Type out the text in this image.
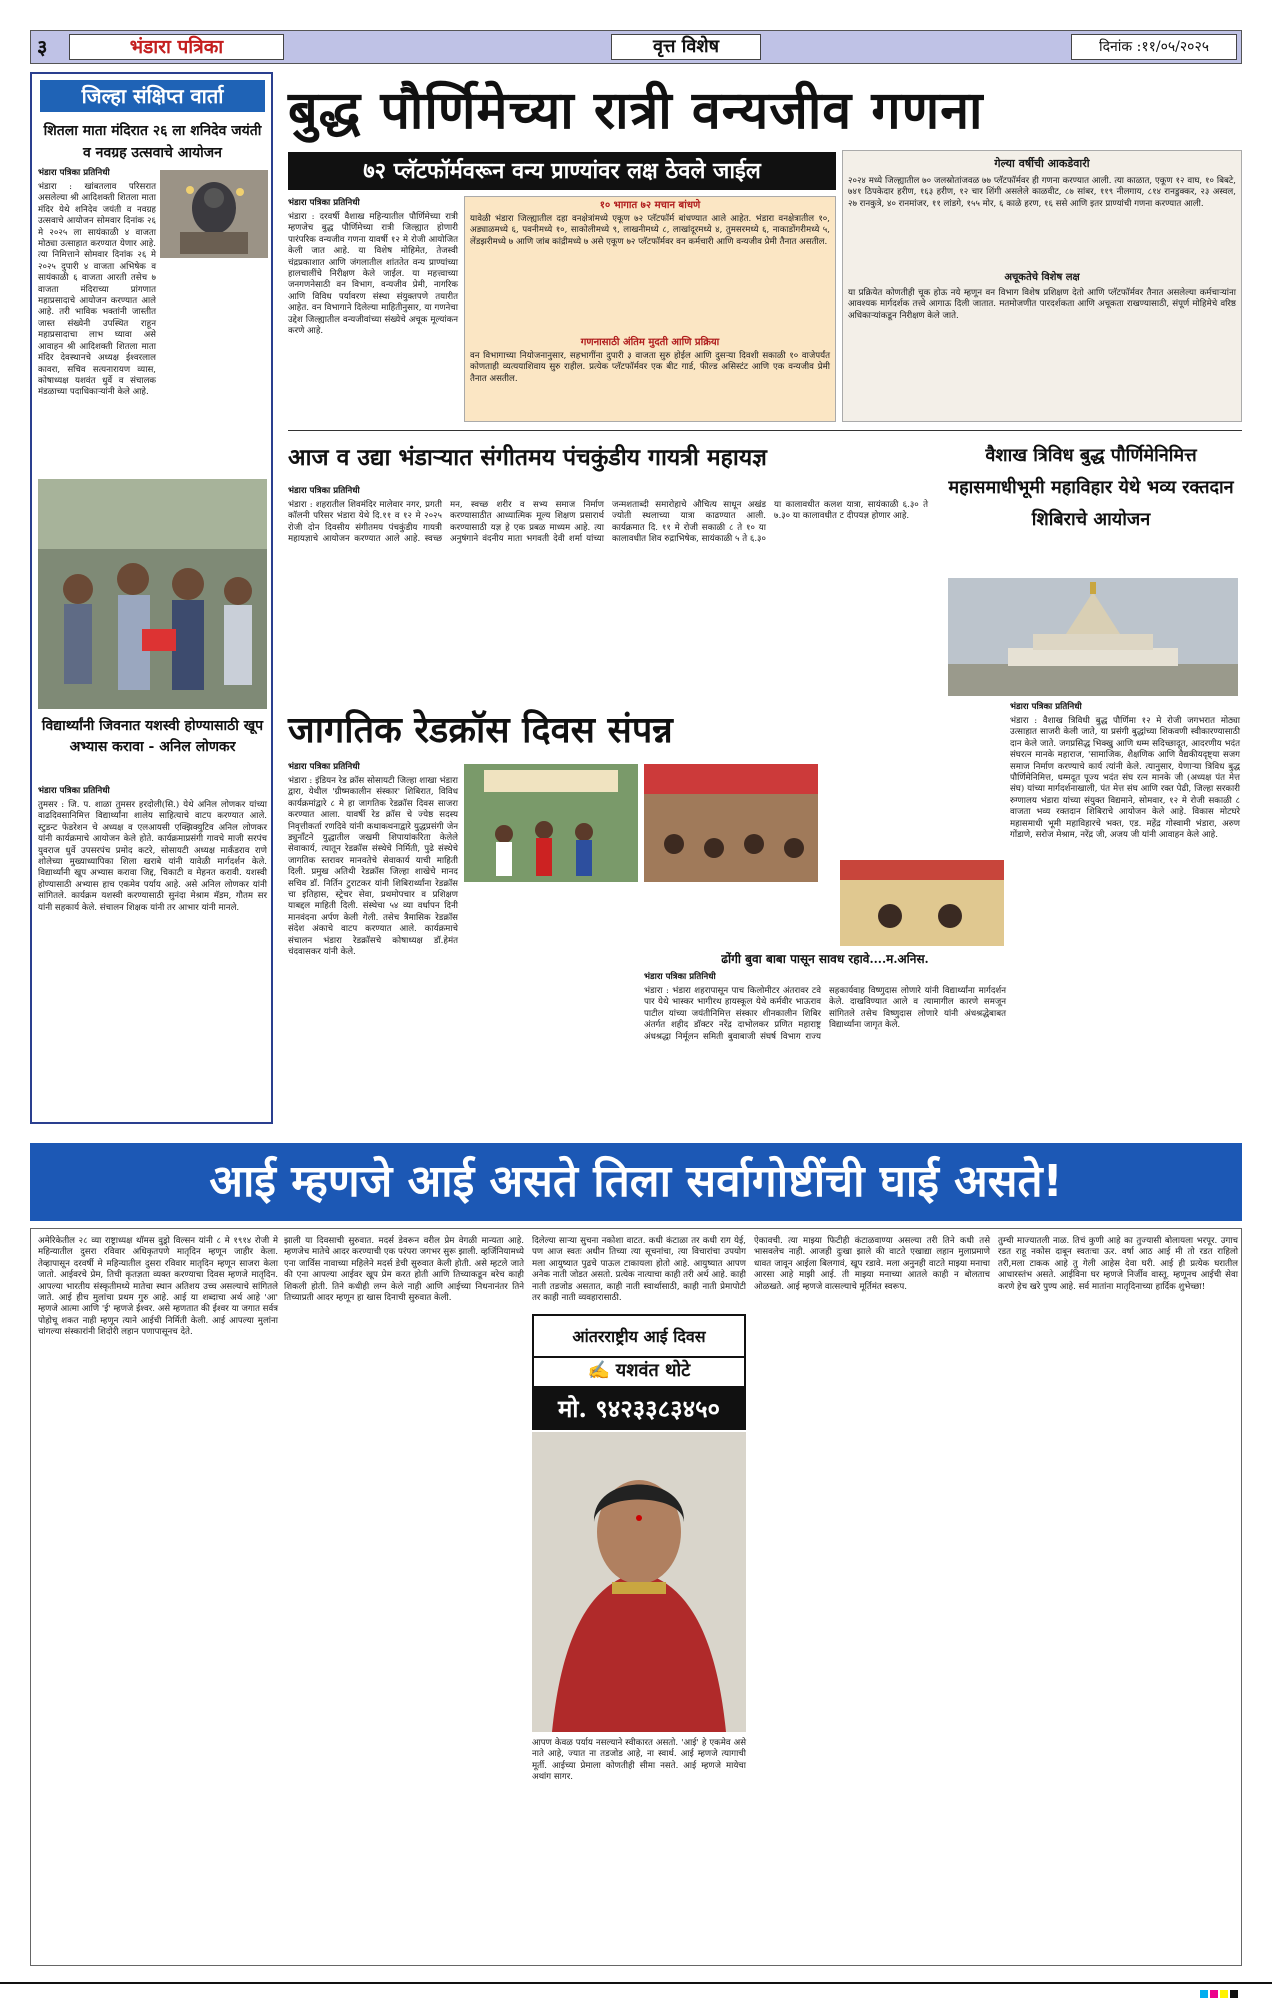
३	भंडारा पत्रिका	वृत्त विशेष	दिनांक :११/०५/२०२५
जिल्हा संक्षिप्त वार्ता
शितला माता मंदिरात २६ ला शनिदेव जयंती व नवग्रह उत्सवाचे आयोजन
भंडारा पत्रिका प्रतिनिधी
भंडारा : खांबतलाव परिसरात असलेल्या श्री आदिशक्ती शितला माता मंदिर येथे शनिदेव जयंती व नवग्रह उत्सवाचे आयोजन सोमवार दिनांक २६ मे २०२५ ला सायंकाळी ४ वाजता मोठ्या उत्साहात करण्यात येणार आहे. त्या निमित्ताने सोमवार दिनांक २६ मे २०२५ दुपारी ४ वाजता अभिषेक व सायंकाळी ६ वाजता आरती तसेच ७ वाजता मंदिराच्या प्रांगणात महाप्रसादाचे आयोजन करण्यात आले आहे. तरी भाविक भक्तांनी जास्तीत जास्त संख्येनी उपस्थित राहून महाप्रसादाचा लाभ घ्यावा असे आवाहन श्री आदिशक्ती शितला माता मंदिर देवस्थानचे अध्यक्ष ईश्वरलाल कावरा, सचिव सत्यनारायण व्यास, कोषाध्यक्ष यशवंत धुर्वे व संचालक मंडळाच्या पदाधिकाऱ्यांनी केले आहे.
विद्यार्थ्यांनी जिवनात यशस्वी होण्यासाठी खूप अभ्यास करावा - अनिल लोणकर
भंडारा पत्रिका प्रतिनिधी
तुमसर : जि. प. शाळा तुमसर हरदोली(सि.) येथे अनिल लोणकर यांच्या वाढदिवसानिमित्त विद्यार्थ्यांना शालेय साहित्याचे वाटप करण्यात आले. स्टुडन्ट फेडरेशन चे अध्यक्ष व एलआयसी एक्झिक्युटिव अनिल लोणकर यांनी कार्यक्रमाचे आयोजन केले होते. कार्यक्रमाप्रसंगी गावचे माजी सरपंच युवराज धुर्वे उपसरपंच प्रमोद कटरे, सोसायटी अध्यक्ष मार्कंडराव राणे शोलेच्या मुख्याध्यापिका शिला खराबे यांनी यावेळी मार्गदर्शन केले. विद्यार्थ्यांनी खूप अभ्यास करावा जिद्द, चिकाटी व मेहनत करावी. यशस्वी होण्यासाठी अभ्यास हाच एकमेव पर्याय आहे. असे अनिल लोणकर यांनी सांगितले. कार्यक्रम यशस्वी करण्यासाठी सुनंदा मेश्राम मॅडम, गौतम सर यांनी सहकार्य केले. संचालन शिक्षक यांनी तर आभार यांनी मानले.
बुद्ध पौर्णिमेच्या रात्री वन्यजीव गणना
७२ प्लॅटफॉर्मवरून वन्य प्राण्यांवर लक्ष ठेवले जाईल
भंडारा पत्रिका प्रतिनिधी
भंडारा : दरवर्षी वैशाख महिन्यातील पौर्णिमेच्या रात्री म्हणजेच बुद्ध पौर्णिमेच्या रात्री जिल्ह्यात होणारी पारंपरिक वन्यजीव गणना यावर्षी १२ मे रोजी आयोजित केली जात आहे. या विशेष मोहिमेत, तेजस्वी चंद्रप्रकाशात आणि जंगलातील शांततेत वन्य प्राण्यांच्या हालचालींचे निरीक्षण केले जाईल. या महत्त्वाच्या जनगणनेसाठी वन विभाग, वन्यजीव प्रेमी, नागरिक आणि विविध पर्यावरण संस्था संयुक्तपणे तयारीत आहेत. वन विभागाने दिलेल्या माहितीनुसार, या गणनेचा उद्देश जिल्ह्यातील वन्यजीवांच्या संख्येचे अचूक मूल्यांकन करणे आहे.
१० भागात ७२ मचान बांधणे
यावेळी भंडारा जिल्ह्यातील दहा वनक्षेत्रांमध्ये एकूण ७२ प्लॅटफॉर्म बांधण्यात आले आहेत. भंडारा वनक्षेत्रातील १०, अड्याळमध्ये ६, पवनीमध्ये १०, साकोलीमध्ये ९, लाखनीमध्ये ८, लाखांदूरमध्ये ४, तुमसरमध्ये ६, नाकाडोंगरीमध्ये ५, लेंडझरीमध्ये ७ आणि जांब कांद्रीमध्ये ७ असे एकूण ७२ प्लॅटफॉर्मवर वन कर्मचारी आणि वन्यजीव प्रेमी तैनात असतील.
गणनासाठी अंतिम मुदती आणि प्रक्रिया
वन विभागाच्या नियोजनानुसार, सहभागींना दुपारी ३ वाजता सुरु होईल आणि दुसऱ्या दिवशी सकाळी १० वाजेपर्यंत कोणताही व्यत्ययाशिवाय सुरु राहील. प्रत्येक प्लॅटफॉर्मवर एक बीट गार्ड, फील्ड असिस्टंट आणि एक वन्यजीव प्रेमी तैनात असतील.
गेल्या वर्षीची आकडेवारी
२०२४ मध्ये जिल्ह्यातील ७० जलस्रोतांजवळ ७७ प्लॅटफॉर्मवर ही गणना करण्यात आली. त्या काळात, एकूण १२ वाघ, १० बिबटे, ७४१ ठिपकेदार हरीण, १६३ हरीण, १२ चार शिंगी असलेले काळवीट, ८७ सांबर, ११९ नीलगाय, ८१४ रानडुक्कर, २३ अस्वल, २७ रानकुत्रे, ४० रानमांजर, ११ लांडगे, १५५ मोर, ६ काळे हरण, १६ ससे आणि इतर प्राण्यांची गणना करण्यात आली.
अचूकतेचे विशेष लक्ष
या प्रक्रियेत कोणतीही चूक होऊ नये म्हणून वन विभाग विशेष प्रशिक्षण देतो आणि प्लॅटफॉर्मवर तैनात असलेल्या कर्मचाऱ्यांना आवश्यक मार्गदर्शक तत्त्वे आगाऊ दिली जातात. मतमोजणीत पारदर्शकता आणि अचूकता राखण्यासाठी, संपूर्ण मोहिमेचे वरिष्ठ अधिकाऱ्यांकडून निरीक्षण केले जाते.
आज व उद्या भंडाऱ्यात संगीतमय पंचकुंडीय गायत्री महायज्ञ
भंडारा पत्रिका प्रतिनिधी
भंडारा : शहरातील शिवमंदिर मालेवार नगर, प्रगती कॉलनी परिसर भंडारा येथे दि.११ व १२ मे २०२५ रोजी दोन दिवसीय संगीतमय पंचकुंडीय गायत्री महायज्ञाचे आयोजन करण्यात आले आहे. स्वच्छ मन, स्वच्छ शरीर व सभ्य समाज निर्माण करण्यासाठीत आध्यात्मिक मूल्य शिक्षण प्रसारार्थ करण्यासाठी यज्ञ हे एक प्रबळ माध्यम आहे. त्या अनुषंगाने वंदनीय माता भगवती देवी शर्मा यांच्या जन्मशताब्दी समारोहाचे औचित्य साधून अखंड ज्योती स्थलाच्या यात्रा काढण्यात आली. कार्यक्रमात दि. ११ मे रोजी सकाळी ८ ते १० या कालावधीत शिव रुद्राभिषेक, सायंकाळी ५ ते ६.३० या कालावधीत कलश यात्रा, सायंकाळी ६.३० ते ७.३० या कालावधीत ट दीपयज्ञ होणार आहे.
वैशाख त्रिविध बुद्ध पौर्णिमेनिमित्त महासमाधीभूमी महाविहार येथे भव्य रक्तदान शिबिराचे आयोजन
भंडारा पत्रिका प्रतिनिधी
भंडारा : वैशाख त्रिविधी बुद्ध पौर्णिमा १२ मे रोजी जगभरात मोठ्या उत्साहात साजरी केली जाते, या प्रसंगी बुद्धांच्या शिकवणी स्वीकारण्यासाठी दान केले जाते. जगप्रसिद्ध भिक्खु आणि धम्म सदिच्छादूत, आदरणीय भदंत संघरत्न मानके महाराज, 'सामाजिक, शैक्षणिक आणि वैद्यकीयदृष्ट्या सजग समाज निर्माण करण्याचे कार्य त्यांनी केले. त्यानुसार, येणाऱ्या त्रिविध बुद्ध पौर्णिमेनिमित्त, धम्मदूत पूज्य भदंत संघ रत्न मानके जी (अध्यक्ष पंत मेत्त संघ) यांच्या मार्गदर्शनाखाली, पंत मेत्त संघ आणि रक्त पेढी, जिल्हा सरकारी रुग्णालय भंडारा यांच्या संयुक्त विद्यमाने, सोमवार, १२ मे रोजी सकाळी ८ वाजता भव्य रक्तदान शिबिराचे आयोजन केले आहे. विकास मोटघरे महासमाधी भूमी महाविहारचे भक्त, एड. महेंद्र गोस्वामी भंडारा, अरुण गोंडाणे, सरोज मेश्राम, नरेंद्र जी, अजय जी यांनी आवाहन केले आहे.
जागतिक रेडक्रॉस दिवस संपन्न
भंडारा पत्रिका प्रतिनिधी
भंडारा : इंडियन रेड क्रॉस सोसायटी जिल्हा शाखा भंडारा द्वारा, येथील 'ग्रीष्मकालीन संस्कार' शिबिरात, विविध कार्यक्रमांद्वारे ८ मे हा जागतिक रेडक्रॉस दिवस साजरा करण्यात आला. यावर्षी रेड क्रॉस चे ज्येष्ठ सदस्य निवृत्तीकर्ता रणदिवे यांनी कथाकथनाद्वारे युद्धप्रसंगी जेन ड्युनॉंटने युद्धातील जखमी शिपायांकरिता केलेले सेवाकार्य, त्यातून रेडक्रॉस संस्थेचे निर्मिती, पुढे संस्थेचे जागतिक स्तरावर मानवतेचे सेवाकार्य याची माहिती दिली. प्रमुख अतिथी रेडक्रॉस जिल्हा शाखेचे मानद सचिव डॉ. निर्तिन टुराटकर यांनी शिबिरार्थ्यांना रेडक्रॉस चा इतिहास, स्ट्रेचर सेवा, प्रथमोपचार व प्रशिक्षण याबद्दल माहिती दिली. संस्थेचा ५४ व्या वर्धापन दिनी मानवंदना अर्पण केली गेली. तसेच त्रैमासिक रेडक्रॉस संदेश अंकाचे वाटप करण्यात आले. कार्यक्रमाचे संचालन भंडारा रेडक्रॉसचे कोषाध्यक्ष डॉ.हेमंत चंदवासकर यांनी केले.	ढोंगी बुवा बाबा पासून सावध रहावे....म.अनिस.
भंडारा पत्रिका प्रतिनिधी
भंडारा : भंडारा शहरापासून पाच किलोमीटर अंतरावर टवे पार येथे भास्कर भागीरथ हायस्कूल येथे कर्मवीर भाऊराव पाटील यांच्या जयंतीनिमित्त संस्कार शीनकालीन शिबिर अंतर्गत शहीद डॉक्टर नरेंद्र दाभोलकर प्रणित महाराष्ट्र अंधश्रद्धा निर्मूलन समिती बुवाबाजी संघर्ष विभाग राज्य सहकार्यवाह विष्णुदास लोणारे यांनी विद्यार्थ्यांना मार्गदर्शन केले. दाखविण्यात आले व त्यामागील कारणे समजून सांगितले तसेच विष्णुदास लोणारे यांनी अंधश्रद्धेबाबत विद्यार्थ्यांना जागृत केले.
आई म्हणजे आई असते तिला सर्वागोष्टींची घाई असते!
अमेरिकेतील २८ व्या राष्ट्राध्यक्ष थॉमस वुड्रो विल्सन यांनी ८ मे १९१४ रोजी मे महिन्यातील दुसरा रविवार अधिकृतपणे मातृदिन म्हणून जाहीर केला. तेव्हापासून दरवर्षी मे महिन्यातील दुसरा रविवार मातृदिन म्हणून साजरा केला जातो. आईवरचे प्रेम, तिची कृतज्ञता व्यक्त करण्याचा दिवस म्हणजे मातृदिन. आपल्या भारतीय संस्कृतीमध्ये मातेचा स्थान अतिशय उच्च असल्याचे सांगितले जाते. आई हीच मुलांचा प्रथम गुरु आहे. आई या शब्दाचा अर्थ आहे 'आ' म्हणजे आत्मा आणि 'ई' म्हणजे ईश्वर. असे म्हणतात की ईश्वर या जगात सर्वत्र पोहोचू शकत नाही म्हणून त्याने आईची निर्मिती केली. आई आपल्या मुलांना चांगल्या संस्कारांनी शिदोरी लहान पणापासूनच देते.
झाली या दिवसाची सुरुवात. मदर्स डेवरून वरील प्रेम वेगळी मान्यता आहे. म्हणजेच मातेचे आदर करण्याची एक परंपरा जगभर सुरू झाली. व्हर्जिनियामध्ये एना जार्विस नावाच्या महिलेने मदर्स डेची सुरुवात केली होती. असे म्हटले जाते की एना आपल्या आईवर खूप प्रेम करत होती आणि तिच्याकडून बरेच काही शिकली होती. तिने कधीही लग्न केले नाही आणि आईच्या निधनानंतर तिने तिच्याप्रती आदर म्हणून हा खास दिनाची सुरुवात केली.
दिलेल्या साऱ्या सुचना नकोशा वाटत. कधी कंटाळा तर कधी राग येई, पण आज स्वतः अधीन तिच्या त्या सूचनांचा, त्या विचारांचा उपयोग मला आयुष्यात पुढचे पाऊल टाकायला होतो आहे. आयुष्यात आपण अनेक नाती जोडत असतो. प्रत्येक नात्याचा काही तरी अर्थ आहे. काही नाती तडजोड असतात, काही नाती स्वार्थासाठी, काही नाती प्रेमापोटी तर काही नाती व्यवहारासाठी.
आंतरराष्ट्रीय आई दिवस
✍ यशवंत थोटे
मो. ९४२३३८३४५०
आपण केवळ पर्याय नसल्याने स्वीकारत असतो. 'आई' हे एकमेव असे नाते आहे, ज्यात ना तडजोड आहे, ना स्वार्थ. आई म्हणजे त्यागाची मूर्ती. आईच्या प्रेमाला कोणतीही सीमा नसते. आई म्हणजे मायेचा अथांग सागर.
ऐकावची. त्या माझ्या फिटीही कंटाळवाण्या असल्या तरी तिने कधी तसे भासवलेच नाही. आजही दुःखा झाले की वाटते एखाद्या लहान मुलाप्रमाणे धावत जावून आईला बिलगावं, खूप रडावे. मला अनुनही वाटते माझ्या मनाचा आरसा आहे माझी आई. ती माझ्या मनाच्या आतले काही न बोलताच ओळखते. आई म्हणजे वात्सल्याचे मूर्तिमंत स्वरूप.
तुम्ची माज्यातली नाळ. तिचं कुणी आहे का तुज्यासी बोलायला भरपूर. उगाच रडत राहू नकोस दाबून स्वतःचा ऊर. वर्षा आठ आई मी तो रडत राहिलो तरी,मला टाकक आहे तु गेली आहेस देवा घरी. आई ही प्रत्येक घरातील आधारस्तंभ असते. आईविना घर म्हणजे निर्जीव वास्तू. म्हणूनच आईची सेवा करणे हेच खरे पुण्य आहे. सर्व मातांना मातृदिनाच्या हार्दिक शुभेच्छा!
